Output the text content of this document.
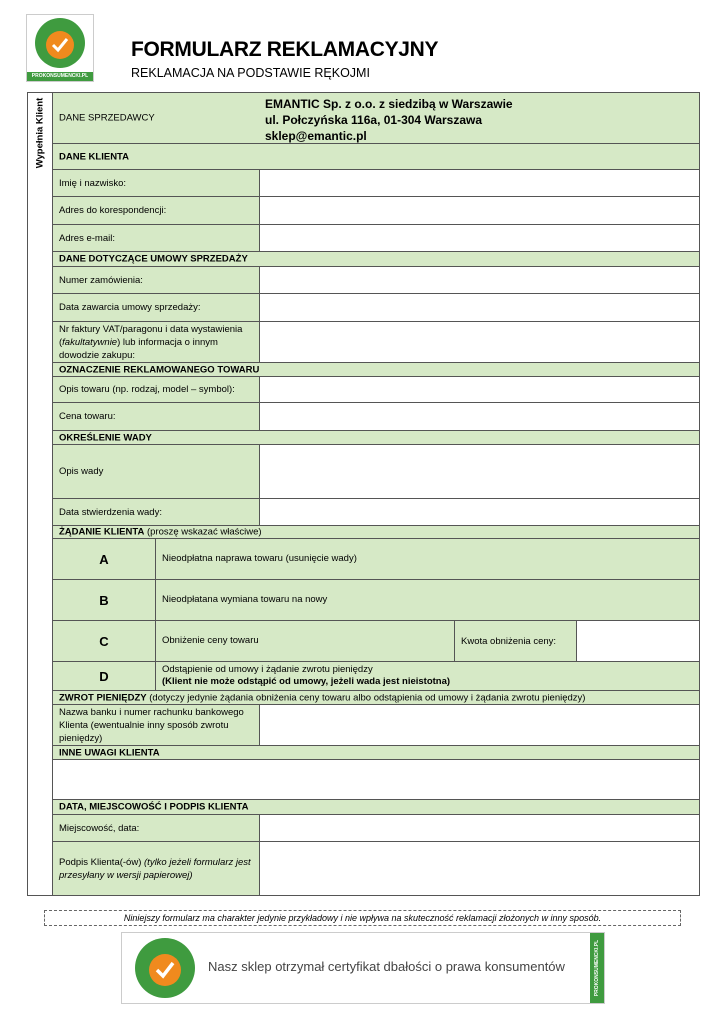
PROKONSUMENCKI.PL
FORMULARZ REKLAMACYJNY
REKLAMACJA NA PODSTAWIE RĘKOJMI
Wypełnia Klient DANE SPRZEDAWCY
EMANTIC Sp. z o.o. z siedzibą w Warszawie
ul. Połczyńska 116a, 01-304 Warszawa
sklep@emantic.pl
DANE KLIENTA
Imię i nazwisko:
Adres do korespondencji:
Adres e-mail:
DANE DOTYCZĄCE UMOWY SPRZEDAŻY
Numer zamówienia:
Data zawarcia umowy sprzedaży:
Nr faktury VAT/paragonu i data wystawienia (fakultatywnie) lub informacja o innym dowodzie zakupu:
OZNACZENIE REKLAMOWANEGO TOWARU
Opis towaru (np. rodzaj, model – symbol):
Cena towaru:
OKREŚLENIE WADY
Opis wady
Data stwierdzenia wady:
ŻĄDANIE KLIENTA (proszę wskazać właściwe)
A	Nieodpłatna naprawa towaru (usunięcie wady)
B	Nieodpłatana wymiana towaru na nowy
C	Obniżenie ceny towaru	Kwota obniżenia ceny:
D	Odstąpienie od umowy i żądanie zwrotu pieniędzy
(Klient nie może odstąpić od umowy, jeżeli wada jest nieistotna)
ZWROT PIENIĘDZY (dotyczy jedynie żądania obniżenia ceny towaru albo odstąpienia od umowy i żądania zwrotu pieniędzy)
Nazwa banku i numer rachunku bankowego Klienta (ewentualnie inny sposób zwrotu pieniędzy)
INNE UWAGI KLIENTA
DATA, MIEJSCOWOŚĆ I PODPIS KLIENTA
Miejscowość, data:
Podpis Klienta(-ów) (tylko jeżeli formularz jest przesyłany w wersji papierowej)
Niniejszy formularz ma charakter jedynie przykładowy i nie wpływa na skuteczność reklamacji złożonych w inny sposób.
Nasz sklep otrzymał certyfikat dbałości o prawa konsumentów	PROKONSUMENCKI.PL
